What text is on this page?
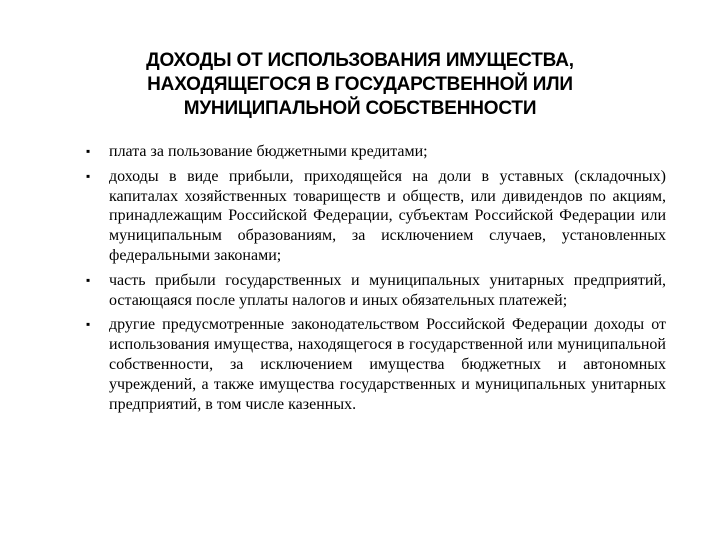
ДОХОДЫ ОТ ИСПОЛЬЗОВАНИЯ ИМУЩЕСТВА,
НАХОДЯЩЕГОСЯ В ГОСУДАРСТВЕННОЙ ИЛИ
МУНИЦИПАЛЬНОЙ СОБСТВЕННОСТИ
▪ плата за пользование бюджетными кредитами;
▪ доходы в виде прибыли, приходящейся на доли в уставных (складочных) капиталах хозяйственных товариществ и обществ, или дивидендов по акциям, принадлежащим Российской Федерации, субъектам Российской Федерации или муниципальным образованиям, за исключением случаев, установленных федеральными законами;
▪ часть прибыли государственных и муниципальных унитарных предприятий, остающаяся после уплаты налогов и иных обязательных платежей;
▪ другие предусмотренные законодательством Российской Федерации доходы от использования имущества, находящегося в государственной или муниципальной собственности, за исключением имущества бюджетных и автономных учреждений, а также имущества государственных и муниципальных унитарных предприятий, в том числе казенных.
